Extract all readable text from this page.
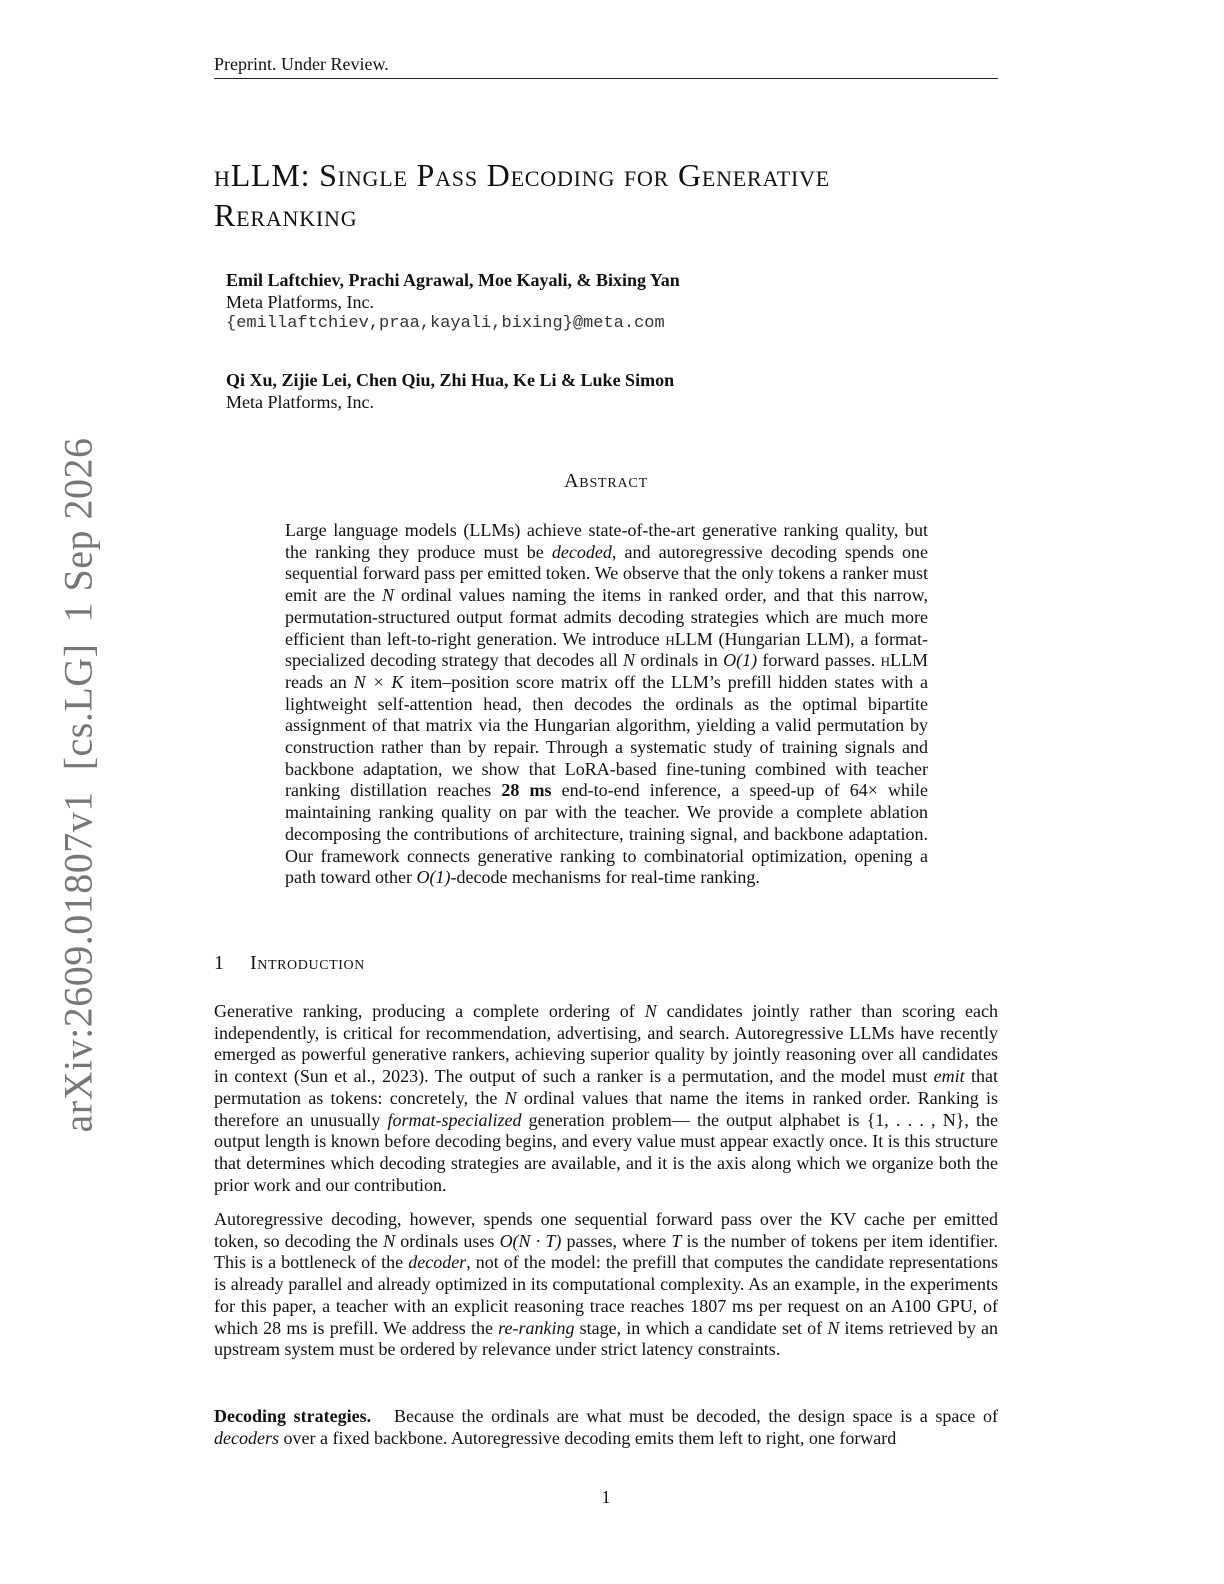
Preprint. Under Review.
hLLM: Single Pass Decoding for Generative
Reranking
Emil Laftchiev, Prachi Agrawal, Moe Kayali, & Bixing Yan
Meta Platforms, Inc.
{emillaftchiev,praa,kayali,bixing}@meta.com
Qi Xu, Zijie Lei, Chen Qiu, Zhi Hua, Ke Li & Luke Simon
Meta Platforms, Inc.
Abstract
Large language models (LLMs) achieve state-of-the-art generative ranking quality, but the ranking they produce must be decoded, and autoregressive decoding spends one sequential forward pass per emitted token. We observe that the only tokens a ranker must emit are the N ordinal values naming the items in ranked order, and that this narrow, permutation-structured output format admits decoding strategies which are much more efficient than left-to-right generation. We introduce hLLM (Hungarian LLM), a format-specialized decoding strategy that decodes all N ordinals in O(1) forward passes. hLLM reads an N × K item–position score matrix off the LLM’s prefill hidden states with a lightweight self-attention head, then decodes the ordinals as the optimal bipartite assignment of that matrix via the Hungarian algorithm, yielding a valid permutation by construction rather than by repair. Through a systematic study of training signals and backbone adaptation, we show that LoRA-based fine-tuning combined with teacher ranking distillation reaches 28 ms end-to-end inference, a speed-up of 64× while maintaining ranking quality on par with the teacher. We provide a complete ablation decomposing the contributions of architecture, training signal, and backbone adaptation. Our framework connects generative ranking to combinatorial optimization, opening a path toward other O(1)-decode mechanisms for real-time ranking.
1 Introduction

Generative ranking, producing a complete ordering of N candidates jointly rather than scoring each independently, is critical for recommendation, advertising, and search. Autoregressive LLMs have recently emerged as powerful generative rankers, achieving superior quality by jointly reasoning over all candidates in context (Sun et al., 2023). The output of such a ranker is a permutation, and the model must emit that permutation as tokens: concretely, the N ordinal values that name the items in ranked order. Ranking is therefore an unusually format-specialized generation problem— the output alphabet is {1, . . . , N}, the output length is known before decoding begins, and every value must appear exactly once. It is this structure that determines which decoding strategies are available, and it is the axis along which we organize both the prior work and our contribution.

Autoregressive decoding, however, spends one sequential forward pass over the KV cache per emitted token, so decoding the N ordinals uses O(N · T) passes, where T is the number of tokens per item identifier. This is a bottleneck of the decoder, not of the model: the prefill that computes the candidate representations is already parallel and already optimized in its computational complexity. As an example, in the experiments for this paper, a teacher with an explicit reasoning trace reaches 1807 ms per request on an A100 GPU, of which 28 ms is prefill. We address the re-ranking stage, in which a candidate set of N items retrieved by an upstream system must be ordered by relevance under strict latency constraints.

Decoding strategies.   Because the ordinals are what must be decoded, the design space is a space of decoders over a fixed backbone. Autoregressive decoding emits them left to right, one forward

arXiv:2609.01807v1  [cs.LG]  1 Sep 2026
1
